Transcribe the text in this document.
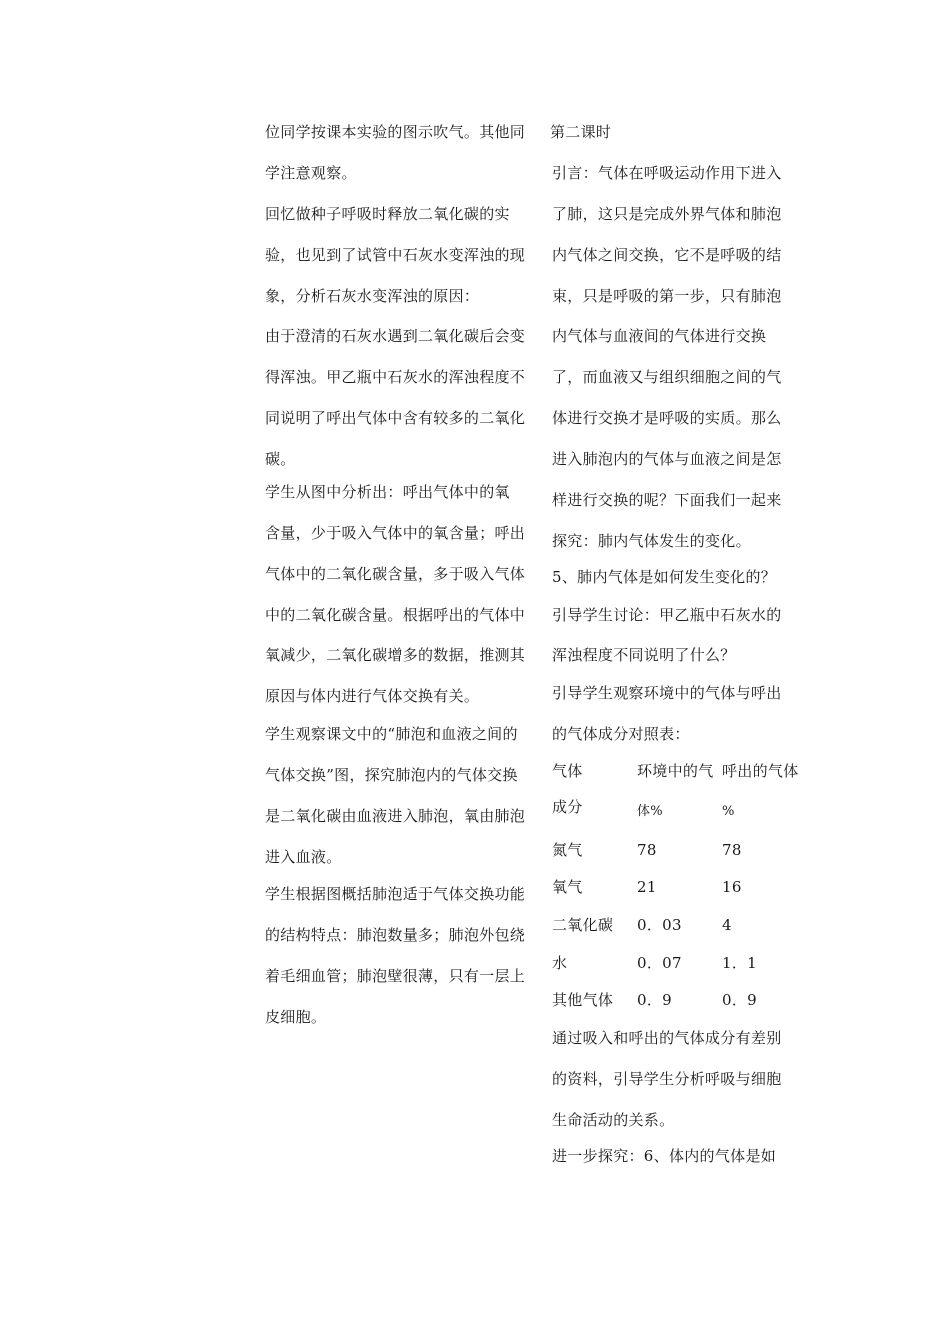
位同学按课本实验的图示吹气。其他同
学注意观察。
回忆做种子呼吸时释放二氧化碳的实
验，也见到了试管中石灰水变浑浊的现
象，分析石灰水变浑浊的原因：
由于澄清的石灰水遇到二氧化碳后会变
得浑浊。甲乙瓶中石灰水的浑浊程度不
同说明了呼出气体中含有较多的二氧化
碳。
学生从图中分析出：呼出气体中的氧
含量，少于吸入气体中的氧含量；呼出
气体中的二氧化碳含量，多于吸入气体
中的二氧化碳含量。根据呼出的气体中
氧减少，二氧化碳增多的数据，推测其
原因与体内进行气体交换有关。
学生观察课文中的“肺泡和血液之间的
气体交换”图，探究肺泡内的气体交换
是二氧化碳由血液进入肺泡，氧由肺泡
进入血液。
学生根据图概括肺泡适于气体交换功能
的结构特点：肺泡数量多；肺泡外包绕
着毛细血管；肺泡壁很薄，只有一层上
皮细胞。
第二课时
引言：气体在呼吸运动作用下进入
了肺，这只是完成外界气体和肺泡
内气体之间交换，它不是呼吸的结
束，只是呼吸的第一步，只有肺泡
内气体与血液间的气体进行交换
了，而血液又与组织细胞之间的气
体进行交换才是呼吸的实质。那么
进入肺泡内的气体与血液之间是怎
样进行交换的呢？下面我们一起来
探究：肺内气体发生的变化。
5、肺内气体是如何发生变化的？
引导学生讨论：甲乙瓶中石灰水的
浑浊程度不同说明了什么？
引导学生观察环境中的气体与呼出
的气体成分对照表：
气体	环境中的气 呼出的气体
成分	体%	%
氮气	78	78
氧气	21	16
二氧化碳 0．03	4
水	0．07	1．1
其他气体 0．9	0．9
通过吸入和呼出的气体成分有差别
的资料，引导学生分析呼吸与细胞
生命活动的关系。
进一步探究：6、体内的气体是如
